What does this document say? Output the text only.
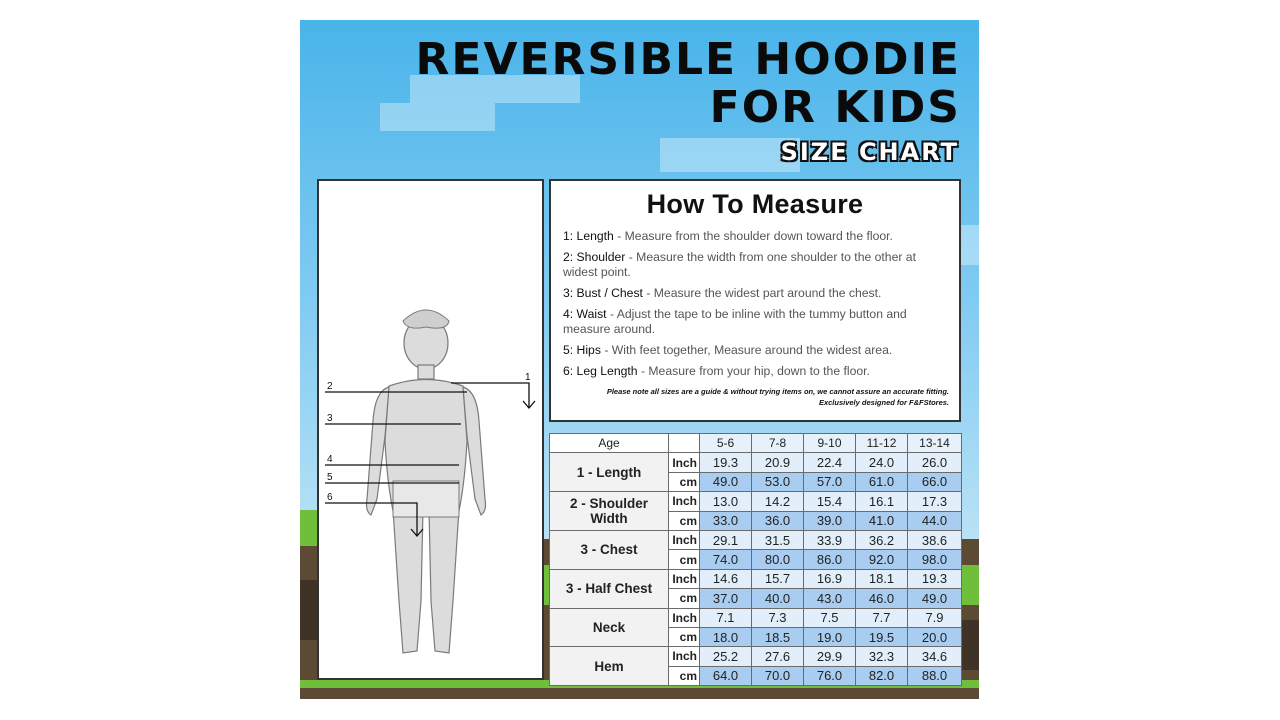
REVERSIBLE HOODIE
FOR KIDS
SIZE CHART
1
2
3
4
5
6
How To Measure
1: Length - Measure from the shoulder down toward the floor.
2: Shoulder - Measure the width from one shoulder to the other at widest point.
3: Bust / Chest - Measure the widest part around the chest.
4: Waist - Adjust the tape to be inline with the tummy button and measure around.
5: Hips - With feet together, Measure around the widest area.
6: Leg Length - Measure from your hip, down to the floor.
Please note all sizes are a guide & without trying items on, we cannot assure an accurate fitting.
Exclusively designed for F&FStores.
Age		5-6	7-8	9-10	11-12	13-14
1 - Length	Inch	19.3	20.9	22.4	24.0	26.0
	cm	49.0	53.0	57.0	61.0	66.0
2 - Shoulder Width	Inch	13.0	14.2	15.4	16.1	17.3
	cm	33.0	36.0	39.0	41.0	44.0
3 - Chest	Inch	29.1	31.5	33.9	36.2	38.6
	cm	74.0	80.0	86.0	92.0	98.0
3 - Half Chest	Inch	14.6	15.7	16.9	18.1	19.3
	cm	37.0	40.0	43.0	46.0	49.0
Neck	Inch	7.1	7.3	7.5	7.7	7.9
	cm	18.0	18.5	19.0	19.5	20.0
Hem	Inch	25.2	27.6	29.9	32.3	34.6
	cm	64.0	70.0	76.0	82.0	88.0
